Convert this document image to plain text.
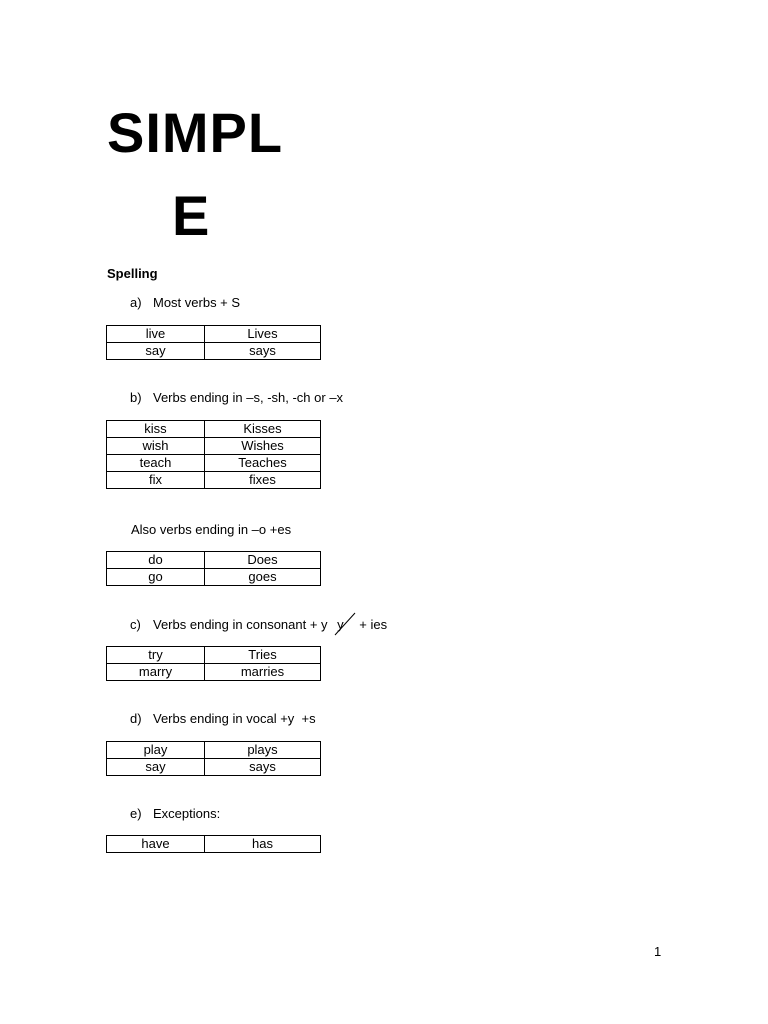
SIMPL
E
Spelling
a) Most verbs + S
live	Lives
say	says
b) Verbs ending in –s, -sh, -ch or –x
kiss	Kisses
wish	Wishes
teach	Teaches
fix	fixes
Also verbs ending in –o +es
do	Does
go	goes
c) Verbs ending in consonant + y y + ies
try	Tries
marry	marries
d) Verbs ending in vocal +y  +s
play	plays
say	says
e) Exceptions:
have	has
1
